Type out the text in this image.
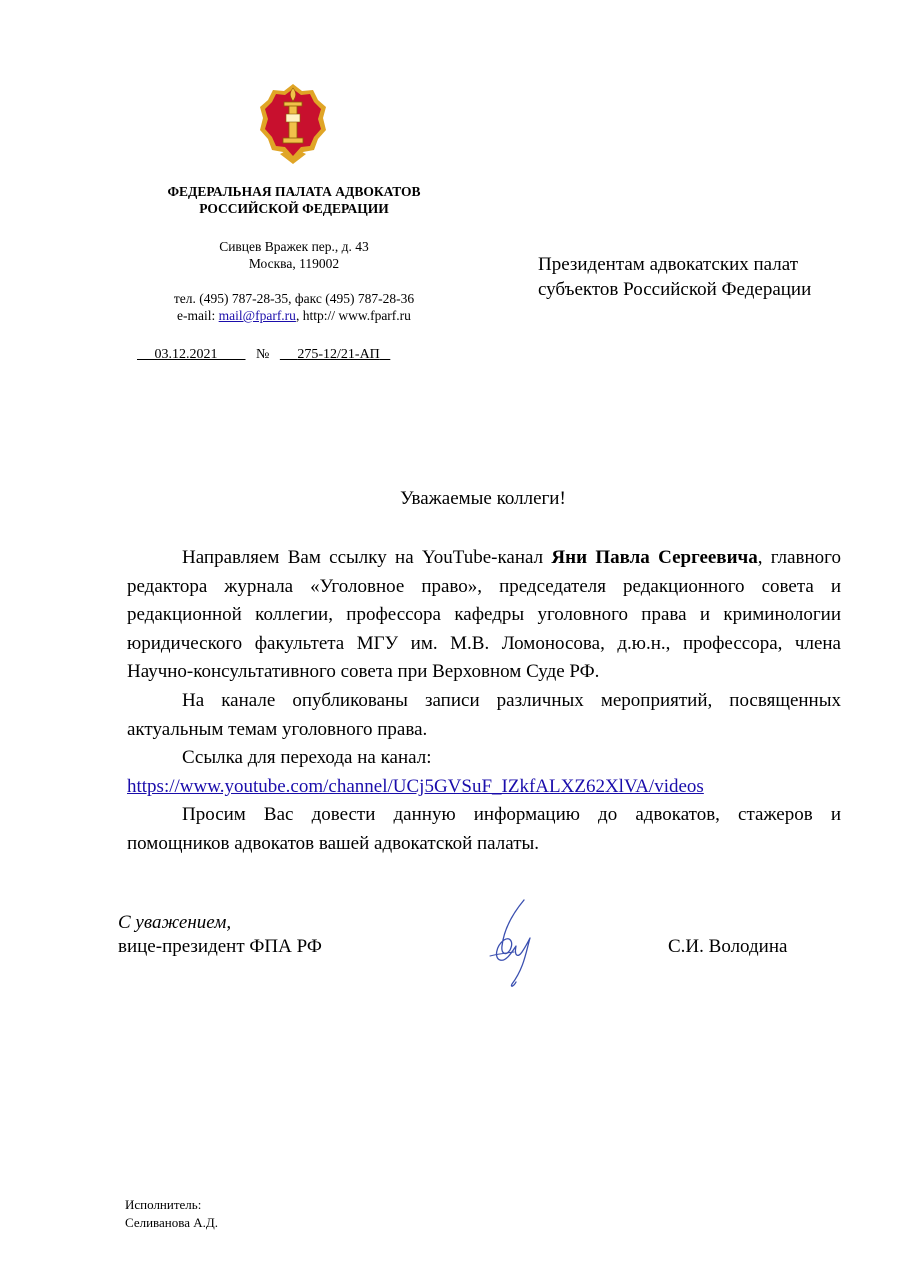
ФЕДЕРАЛЬНАЯ ПАЛАТА АДВОКАТОВ
РОССИЙСКОЙ ФЕДЕРАЦИИ
Сивцев Вражек пер., д. 43
Москва, 119002
тел. (495) 787-28-35, факс (495) 787-28-36
e-mail: mail@fparf.ru, http:// www.fparf.ru
03.12.2021	№ 275-12/21-АП
Президентам адвокатских палат
субъектов Российской Федерации
Уважаемые коллеги!

Направляем Вам ссылку на YouTube-канал Яни Павла Сергеевича, главного редактора журнала «Уголовное право», председателя редакционного совета и редакционной коллегии, профессора кафедры уголовного права и криминологии юридического факультета МГУ им. М.В. Ломоносова, д.ю.н., профессора, члена Научно-консультативного совета при Верховном Суде РФ.

На канале опубликованы записи различных мероприятий, посвященных актуальным темам уголовного права.

Ссылка для перехода на канал:

https://www.youtube.com/channel/UCj5GVSuF_IZkfALXZ62XlVA/videos

Просим Вас довести данную информацию до адвокатов, стажеров и помощников адвокатов вашей адвокатской палаты.

С уважением,
вице-президент ФПА РФ	С.И. Володина
Исполнитель:
Селиванова А.Д.
